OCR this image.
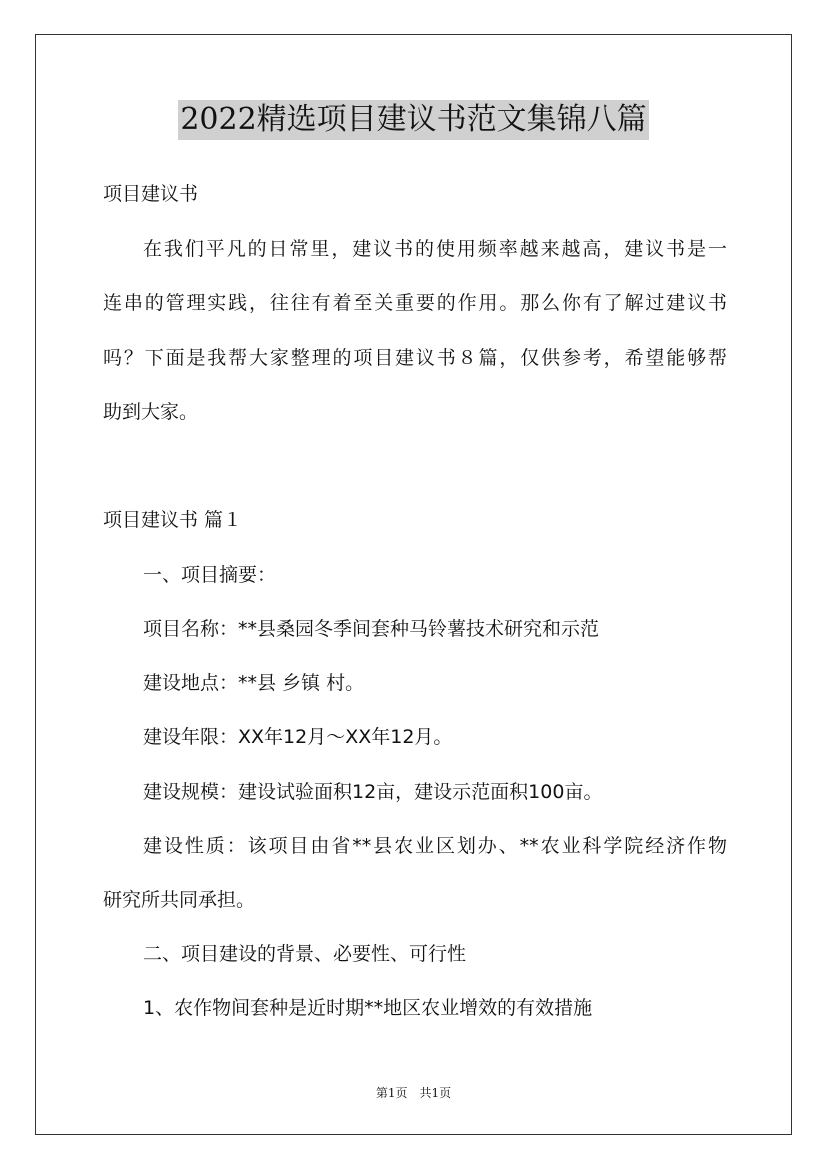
2022精选项目建议书范文集锦八篇
项目建议书
在我们平凡的日常里，建议书的使用频率越来越高，建议书是一
连串的管理实践，往往有着至关重要的作用。那么你有了解过建议书
吗？下面是我帮大家整理的项目建议书８篇，仅供参考，希望能够帮
助到大家。
项目建议书 篇１
一、项目摘要：
项目名称：**县桑园冬季间套种马铃薯技术研究和示范
建设地点：**县 乡镇 村。
建设年限：XX年12月～XX年12月。
建设规模：建设试验面积12亩，建设示范面积100亩。
建设性质：该项目由省**县农业区划办、**农业科学院经济作物
研究所共同承担。
二、项目建设的背景、必要性、可行性
1、农作物间套种是近时期**地区农业增效的有效措施
第1页　共1页
